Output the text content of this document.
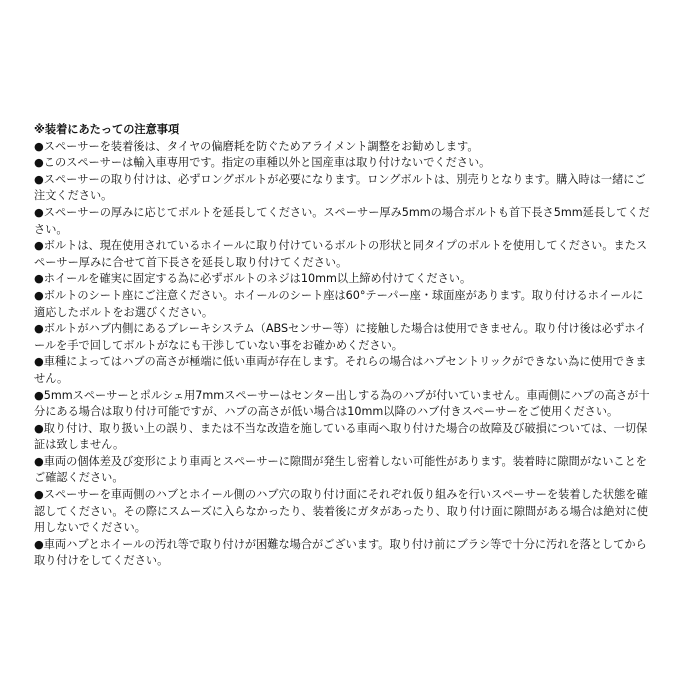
※装着にあたっての注意事項

●スペーサーを装着後は、タイヤの偏磨耗を防ぐためアライメント調整をお勧めします。
●このスペーサーは輸入車専用です。指定の車種以外と国産車は取り付けないでください。
●スペーサーの取り付けは、必ずロングボルトが必要になります。ロングボルトは、別売りとなります。購入時は一緒にご注文ください。
●スペーサーの厚みに応じてボルトを延長してください。スペーサー厚み5mmの場合ボルトも首下長さ5mm延長してください。
●ボルトは、現在使用されているホイールに取り付けているボルトの形状と同タイプのボルトを使用してください。またスペーサー厚みに合せて首下長さを延長し取り付けてください。
●ホイールを確実に固定する為に必ずボルトのネジは10mm以上締め付けてください。
●ボルトのシート座にご注意ください。ホイールのシート座は60°テーパー座・球面座があります。取り付けるホイールに適応したボルトをお選びください。
●ボルトがハブ内側にあるブレーキシステム（ABSセンサー等）に接触した場合は使用できません。取り付け後は必ずホイールを手で回してボルトがなにも干渉していない事をお確かめください。
●車種によってはハブの高さが極端に低い車両が存在します。それらの場合はハブセントリックができない為に使用できません。
●5mmスペーサーとポルシェ用7mmスペーサーはセンター出しする為のハブが付いていません。車両側にハブの高さが十分にある場合は取り付け可能ですが、ハブの高さが低い場合は10mm以降のハブ付きスペーサーをご使用ください。
●取り付け、取り扱い上の誤り、または不当な改造を施している車両へ取り付けた場合の故障及び破損については、一切保証は致しません。
●車両の個体差及び変形により車両とスペーサーに隙間が発生し密着しない可能性があります。装着時に隙間がないことをご確認ください。
●スペーサーを車両側のハブとホイール側のハブ穴の取り付け面にそれぞれ仮り組みを行いスペーサーを装着した状態を確認してください。その際にスムーズに入らなかったり、装着後にガタがあったり、取り付け面に隙間がある場合は絶対に使用しないでください。
●車両ハブとホイールの汚れ等で取り付けが困難な場合がございます。取り付け前にブラシ等で十分に汚れを落としてから取り付けをしてください。
